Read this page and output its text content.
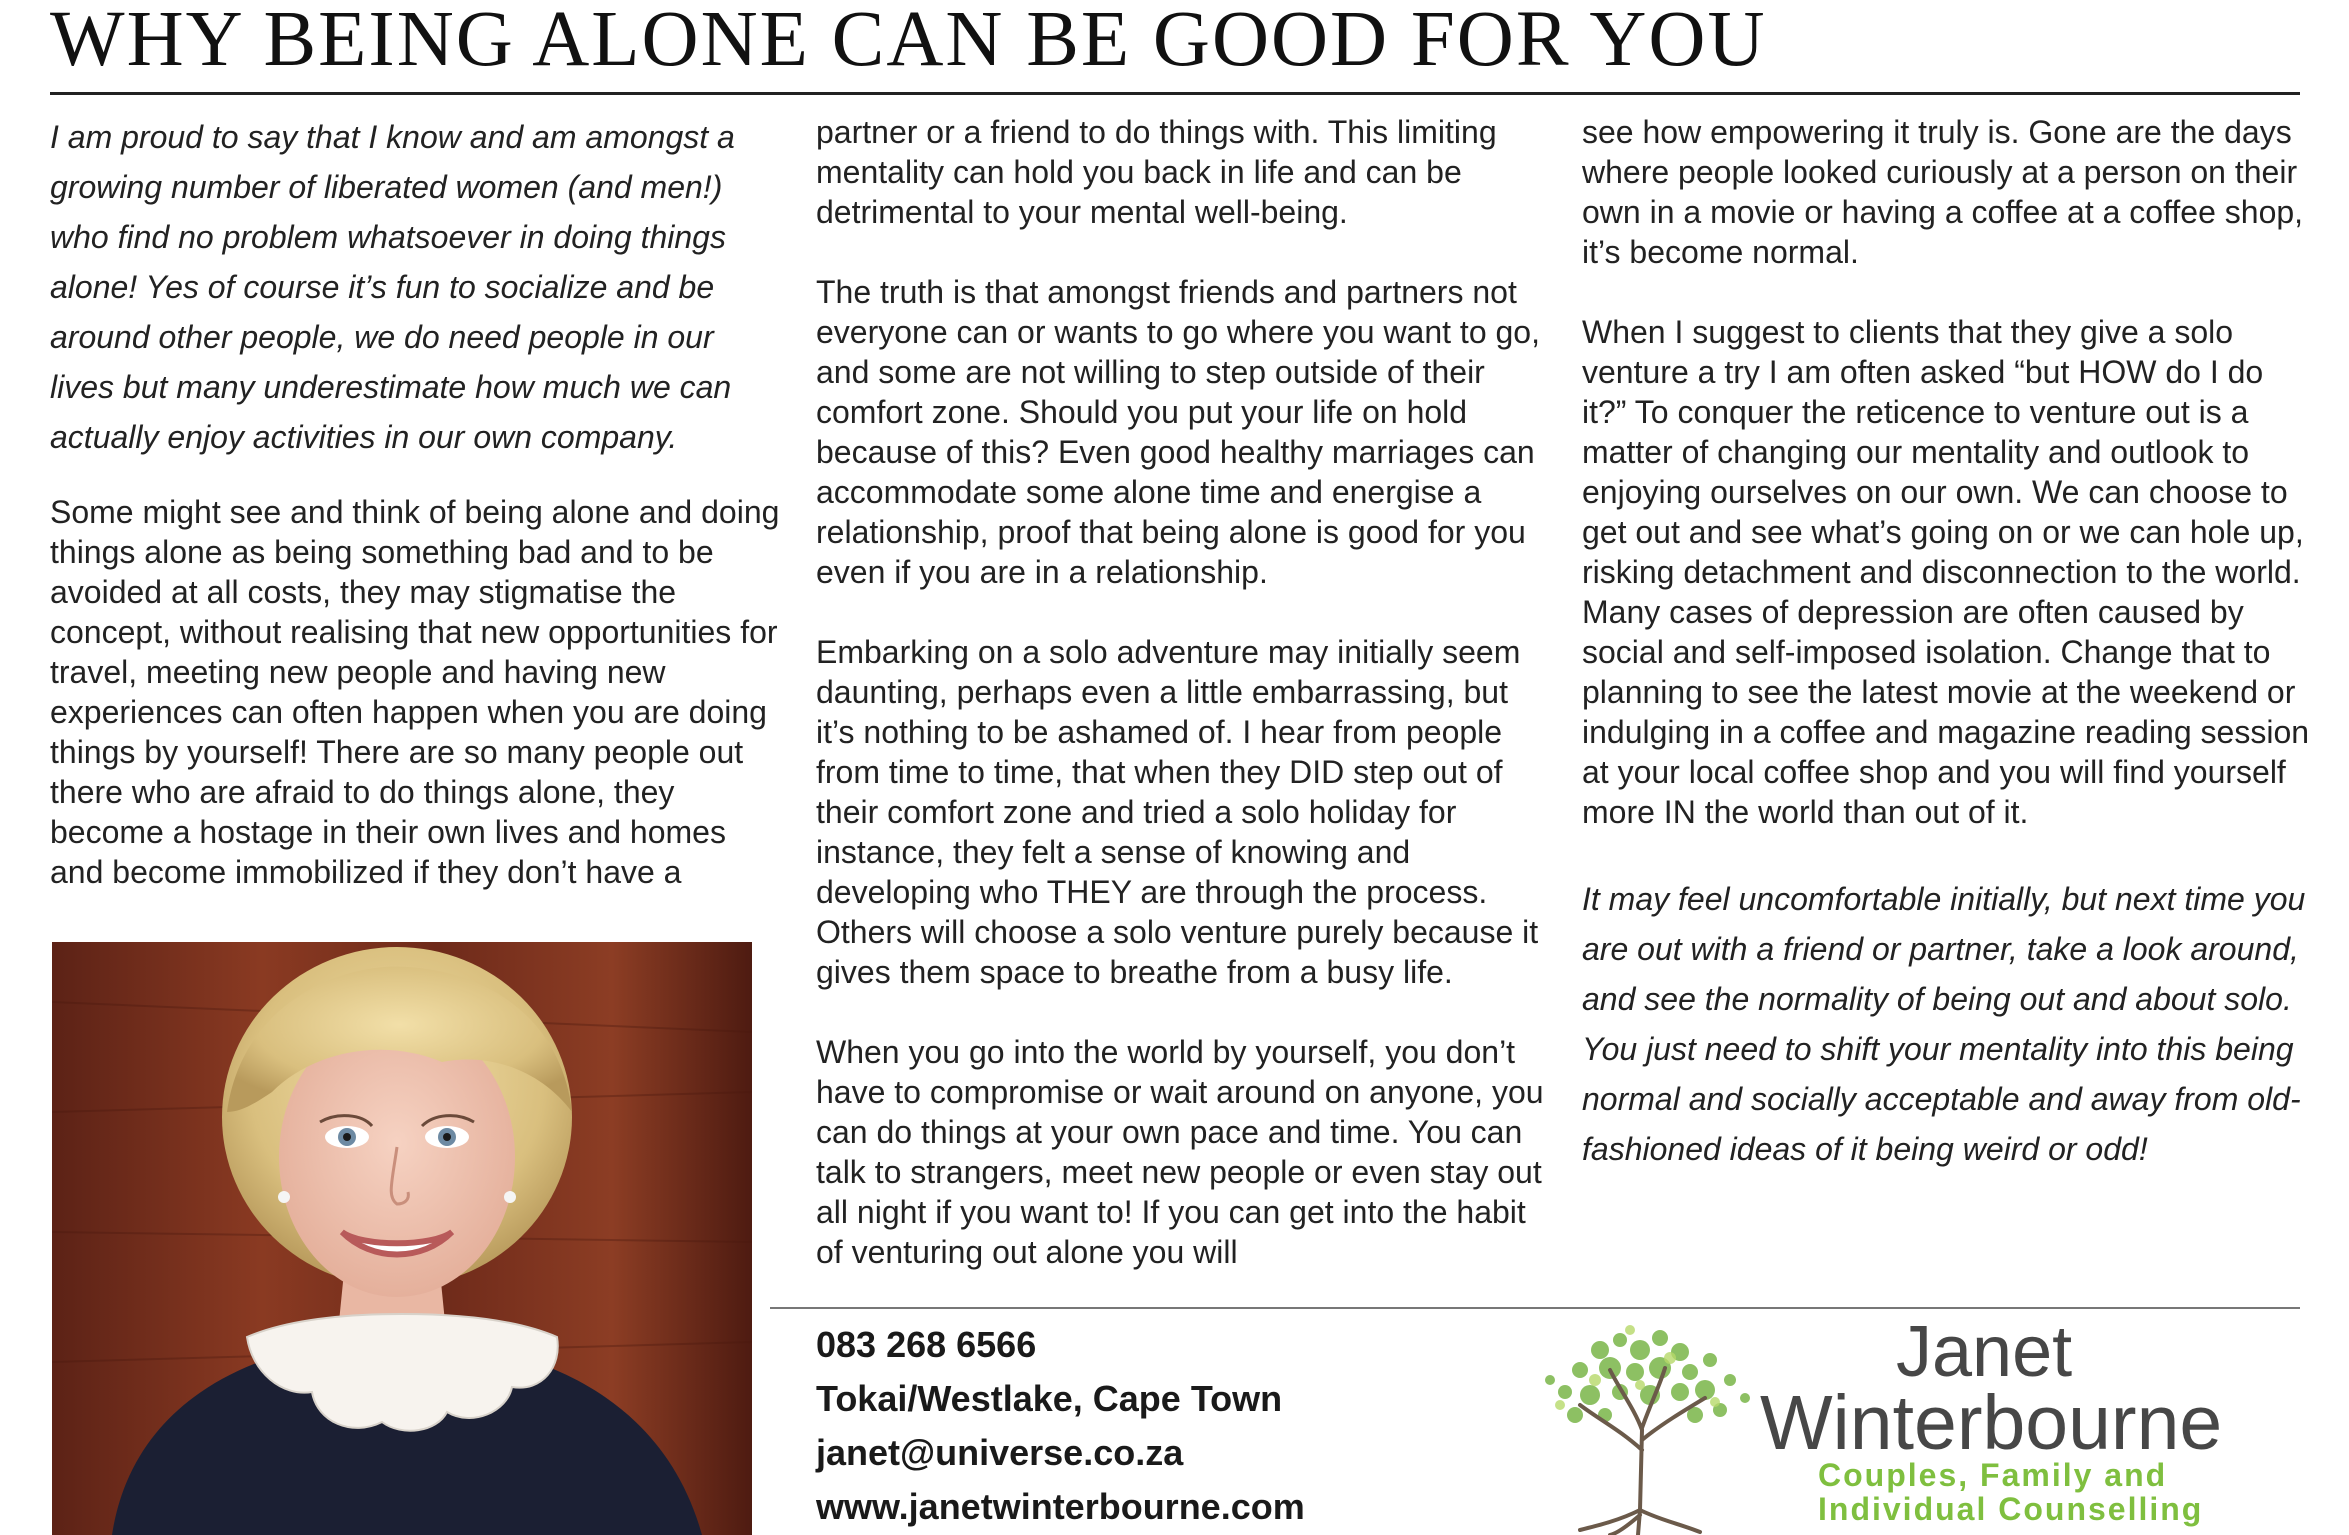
WHY BEING ALONE CAN BE GOOD FOR YOU

I am proud to say that I know and am amongst a growing number of liberated women (and men!) who find no problem whatsoever in doing things alone! Yes of course it’s fun to socialize and be around other people, we do need people in our lives but many underestimate how much we can actually enjoy activities in our own company.

Some might see and think of being alone and doing things alone as being something bad and to be avoided at all costs, they may stigmatise the concept, without realising that new opportunities for travel, meeting new people and having new experiences can often happen when you are doing things by yourself! There are so many people out there who are afraid to do things alone, they become a hostage in their own lives and homes and become immobilized if they don’t have a

partner or a friend to do things with. This limiting mentality can hold you back in life and can be detrimental to your mental well-being.

The truth is that amongst friends and partners not everyone can or wants to go where you want to go, and some are not willing to step outside of their comfort zone. Should you put your life on hold because of this? Even good healthy marriages can accommodate some alone time and energise a relationship, proof that being alone is good for you even if you are in a relationship.

Embarking on a solo adventure may initially seem daunting, perhaps even a little embarrassing, but it’s nothing to be ashamed of. I hear from people from time to time, that when they DID step out of their comfort zone and tried a solo holiday for instance, they felt a sense of knowing and developing who THEY are through the process. Others will choose a solo venture purely because it gives them space to breathe from a busy life.

When you go into the world by yourself, you don’t have to compromise or wait around on anyone, you can do things at your own pace and time. You can talk to strangers, meet new people or even stay out all night if you want to! If you can get into the habit of venturing out alone you will

see how empowering it truly is. Gone are the days where people looked curiously at a person on their own in a movie or having a coffee at a coffee shop, it’s become normal.

When I suggest to clients that they give a solo venture a try I am often asked “but HOW do I do it?” To conquer the reticence to venture out is a matter of changing our mentality and outlook to enjoying ourselves on our own. We can choose to get out and see what’s going on or we can hole up, risking detachment and disconnection to the world. Many cases of depression are often caused by social and self-imposed isolation. Change that to planning to see the latest movie at the weekend or indulging in a coffee and magazine reading session at your local coffee shop and you will find yourself more IN the world than out of it.

It may feel uncomfortable initially, but next time you are out with a friend or partner, take a look around, and see the normality of being out and about solo. You just need to shift your mentality into this being normal and socially acceptable and away from old-fashioned ideas of it being weird or odd!

083 268 6566
Tokai/Westlake, Cape Town
janet@universe.co.za
www.janetwinterbourne.com
Janet
Winterbourne
Couples, Family and
Individual Counselling
